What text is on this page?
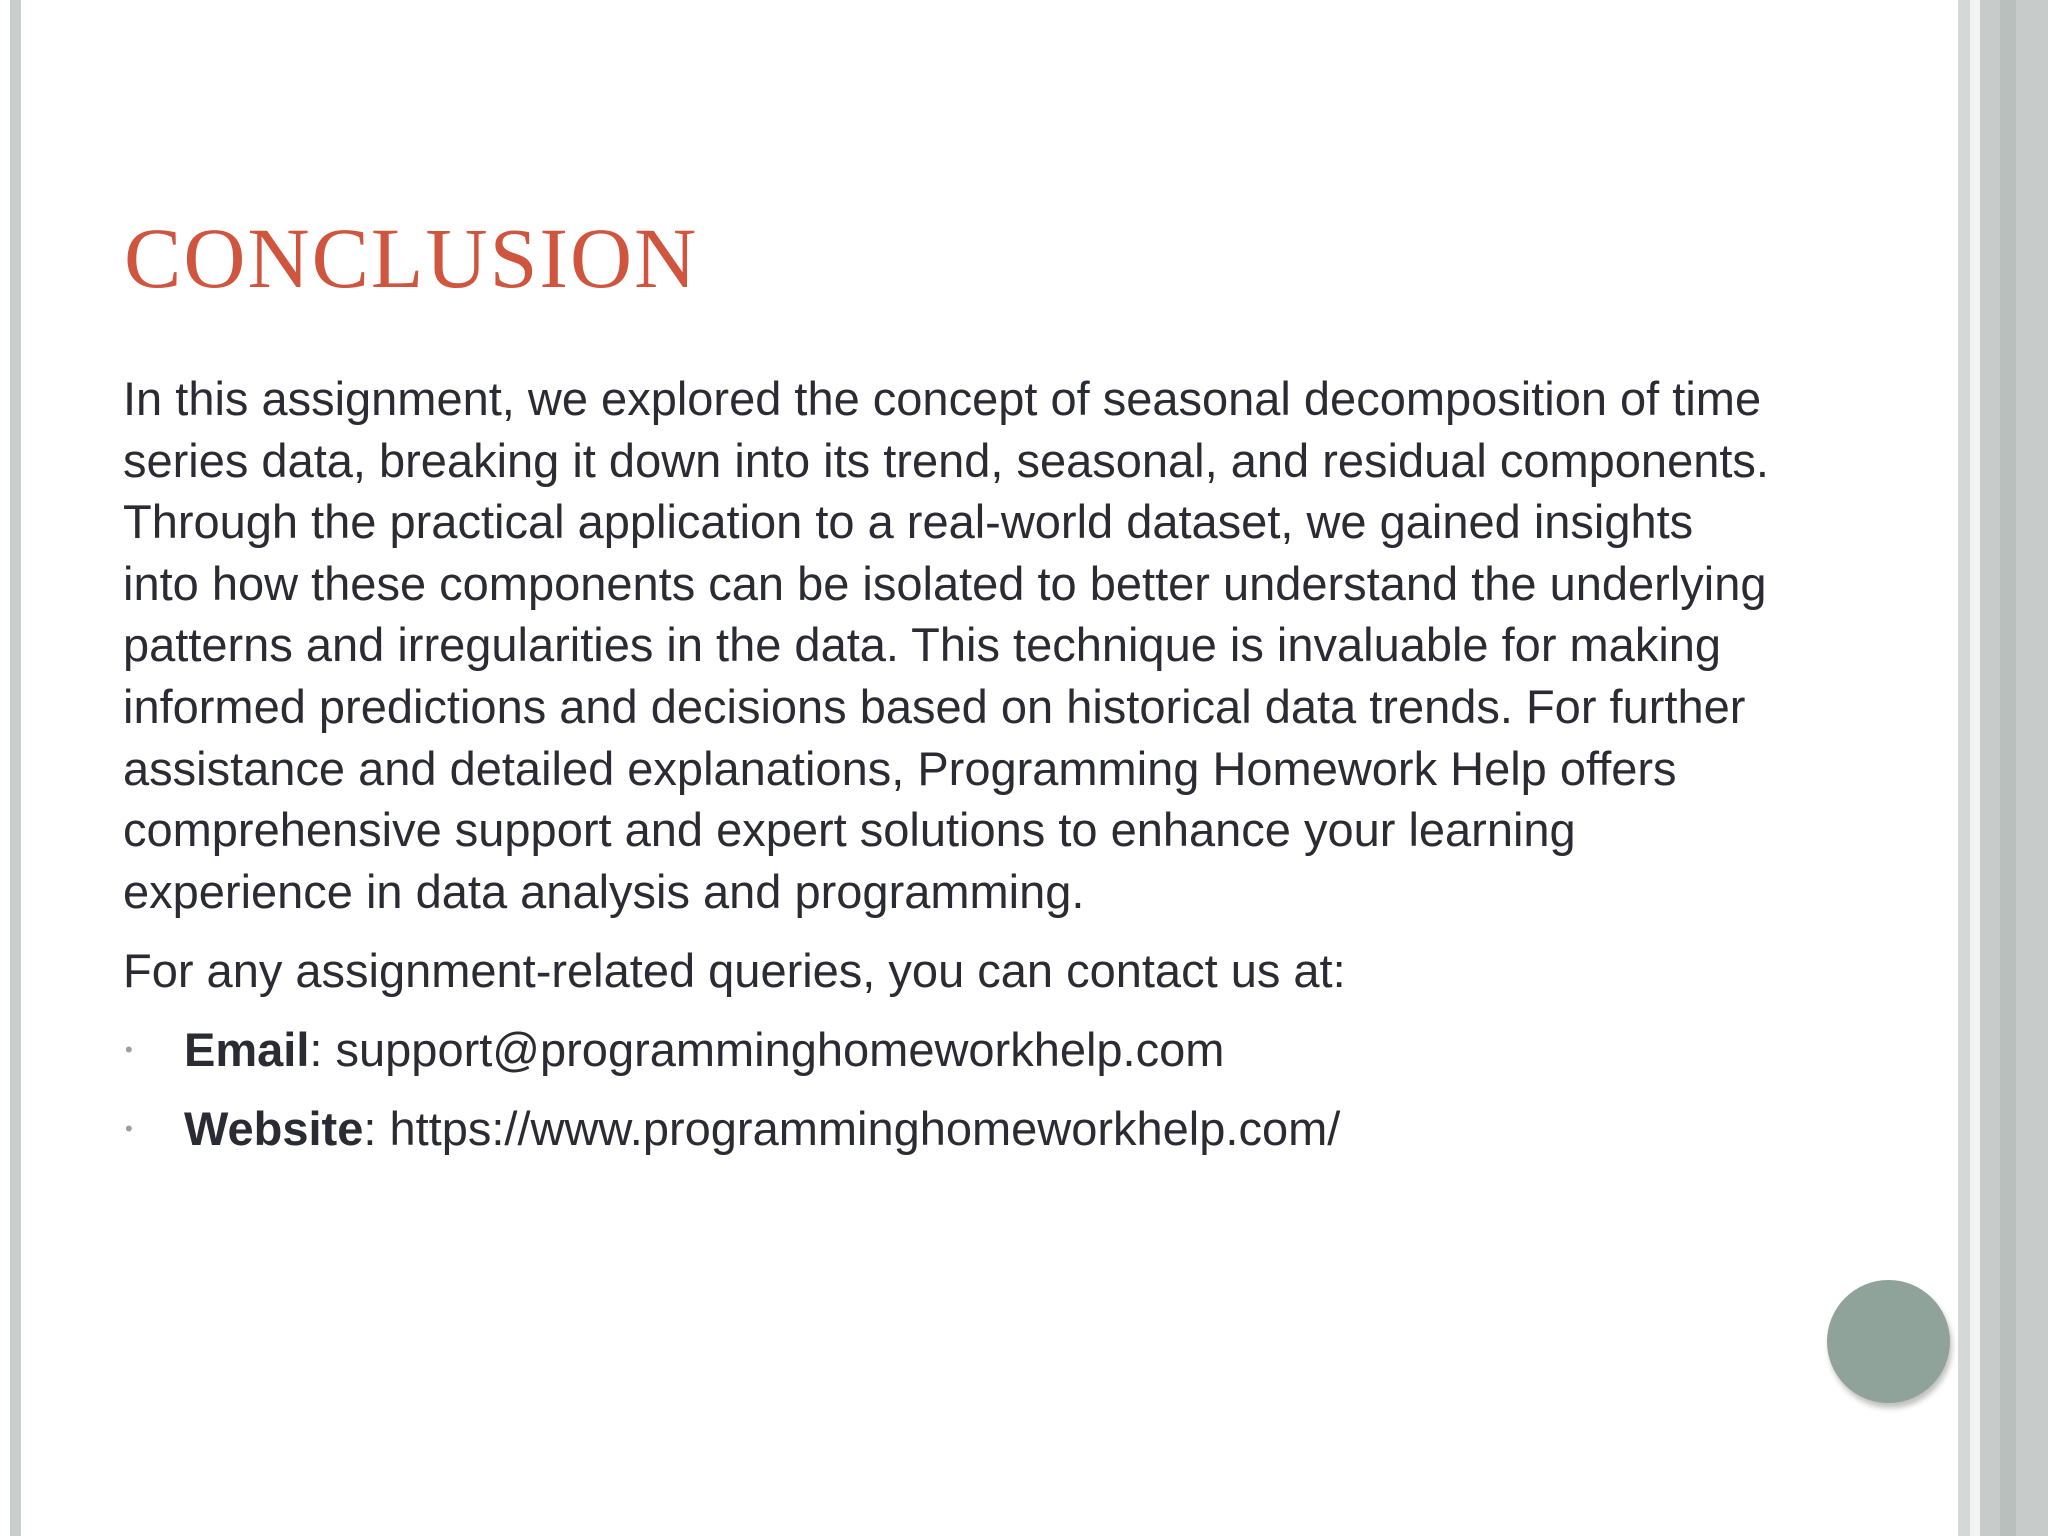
CONCLUSION

In this assignment, we explored the concept of seasonal decomposition of time series data, breaking it down into its trend, seasonal, and residual components. Through the practical application to a real-world dataset, we gained insights into how these components can be isolated to better understand the underlying patterns and irregularities in the data. This technique is invaluable for making informed predictions and decisions based on historical data trends. For further assistance and detailed explanations, Programming Homework Help offers comprehensive support and expert solutions to enhance your learning experience in data analysis and programming.

For any assignment-related queries, you can contact us at:

• Email: support@programminghomeworkhelp.com
• Website: https://www.programminghomeworkhelp.com/
